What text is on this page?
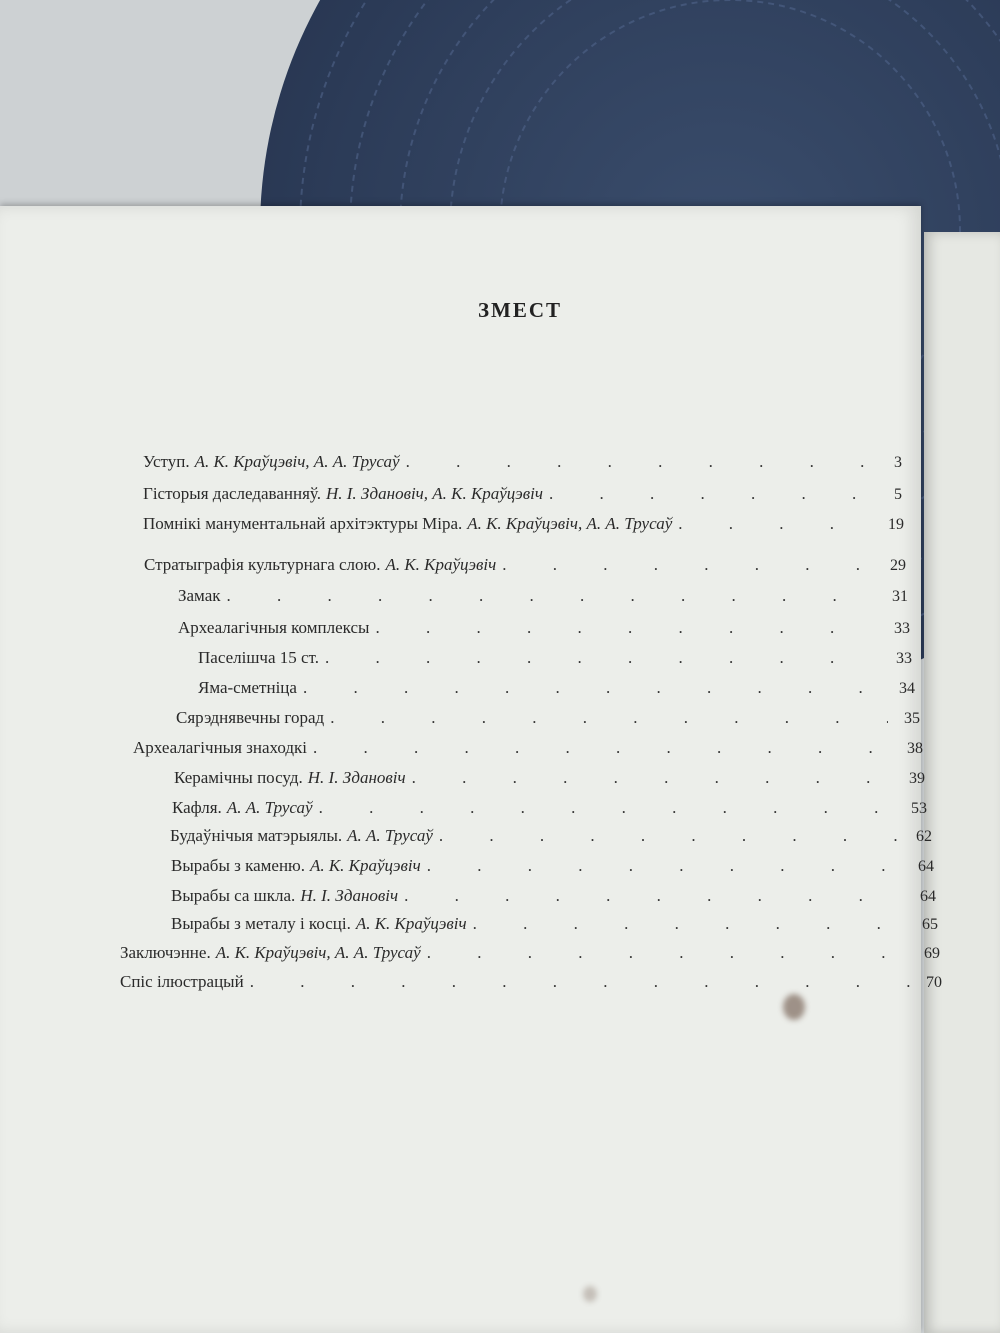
ЗМЕСТ
Уступ. А. К. Краўцэвіч, А. А. Трусаў . . .	3
Гісторыя даследаванняў. Н. І. Здановіч, А. К. Краўцэвіч . . .	5
Помнікі манументальнай архітэктуры Міра. А. К. Краўцэвіч, А. А. Трусаў . . .	19
Стратыграфія культурнага слою. А. К. Краўцэвіч . . .	29
Замак . . .	31
Археалагічныя комплексы . . .	33
Паселішча 15 ст. . . .	33
Яма-сметніца . . .	34
Сярэднявечны горад . . .	35
Археалагічныя знаходкі . . .	38
Керамічны посуд. Н. І. Здановіч . . .	39
Кафля. А. А. Трусаў . . .	53
Будаўнічыя матэрыялы. А. А. Трусаў . . .	62
Вырабы з каменю. А. К. Краўцэвіч . . .	64
Вырабы са шкла. Н. І. Здановіч . . .	64
Вырабы з металу і косці. А. К. Краўцэвіч . . .	65
Заключэнне. А. К. Краўцэвіч, А. А. Трусаў . . .	69
Спіс ілюстрацый . . .	70
